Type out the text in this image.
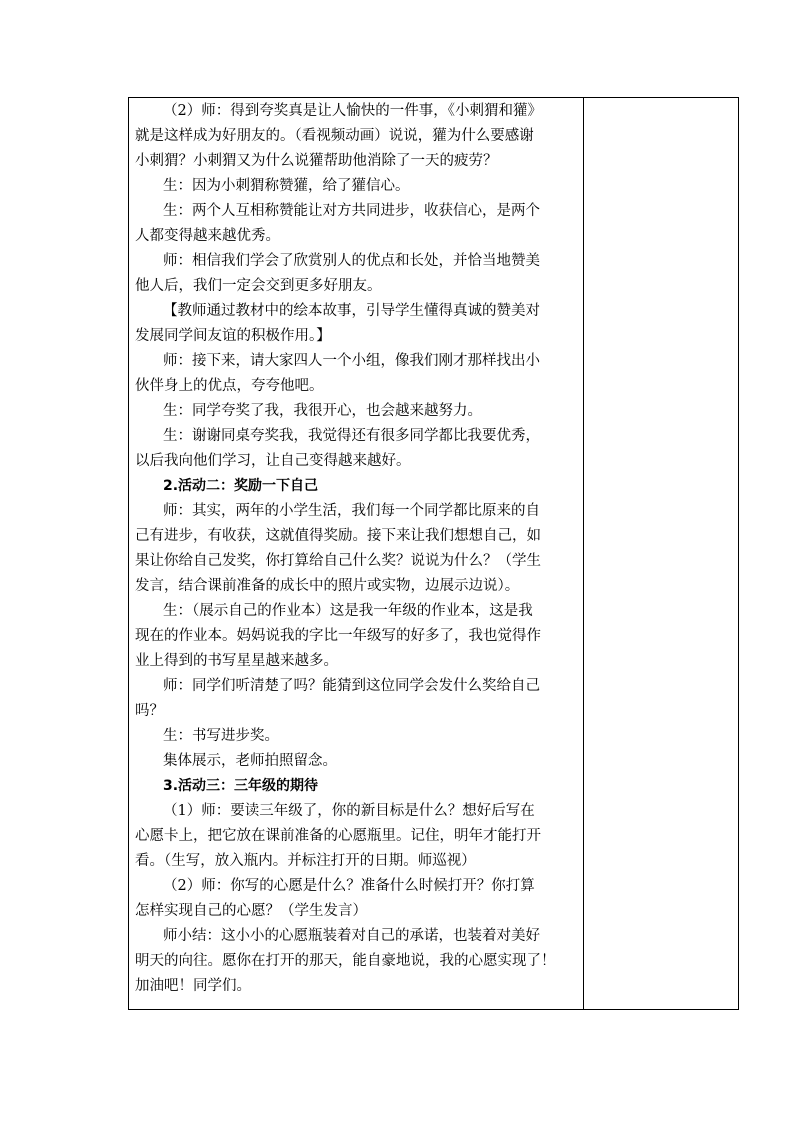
（2）师：得到夸奖真是让人愉快的一件事，《小刺猬和獾》
就是这样成为好朋友的。（看视频动画）说说，獾为什么要感谢
小刺猬？小刺猬又为什么说獾帮助他消除了一天的疲劳？
生：因为小刺猬称赞獾，给了獾信心。
生：两个人互相称赞能让对方共同进步，收获信心，是两个
人都变得越来越优秀。
师：相信我们学会了欣赏别人的优点和长处，并恰当地赞美
他人后，我们一定会交到更多好朋友。
【教师通过教材中的绘本故事，引导学生懂得真诚的赞美对
发展同学间友谊的积极作用。】
师：接下来，请大家四人一个小组，像我们刚才那样找出小
伙伴身上的优点，夸夸他吧。
生：同学夸奖了我，我很开心，也会越来越努力。
生：谢谢同桌夸奖我，我觉得还有很多同学都比我要优秀，
以后我向他们学习，让自己变得越来越好。
2.活动二：奖励一下自己
师：其实，两年的小学生活，我们每一个同学都比原来的自
己有进步，有收获，这就值得奖励。接下来让我们想想自己，如
果让你给自己发奖，你打算给自己什么奖？说说为什么？（学生
发言，结合课前准备的成长中的照片或实物，边展示边说）。
生：（展示自己的作业本）这是我一年级的作业本，这是我
现在的作业本。妈妈说我的字比一年级写的好多了，我也觉得作
业上得到的书写星星越来越多。
师：同学们听清楚了吗？能猜到这位同学会发什么奖给自己
吗？
生：书写进步奖。
集体展示，老师拍照留念。
3.活动三：三年级的期待
（1）师：要读三年级了，你的新目标是什么？想好后写在
心愿卡上，把它放在课前准备的心愿瓶里。记住，明年才能打开
看。（生写，放入瓶内。并标注打开的日期。师巡视）
（2）师：你写的心愿是什么？准备什么时候打开？你打算
怎样实现自己的心愿？（学生发言）
师小结：这小小的心愿瓶装着对自己的承诺，也装着对美好
明天的向往。愿你在打开的那天，能自豪地说，我的心愿实现了！
加油吧！同学们。
